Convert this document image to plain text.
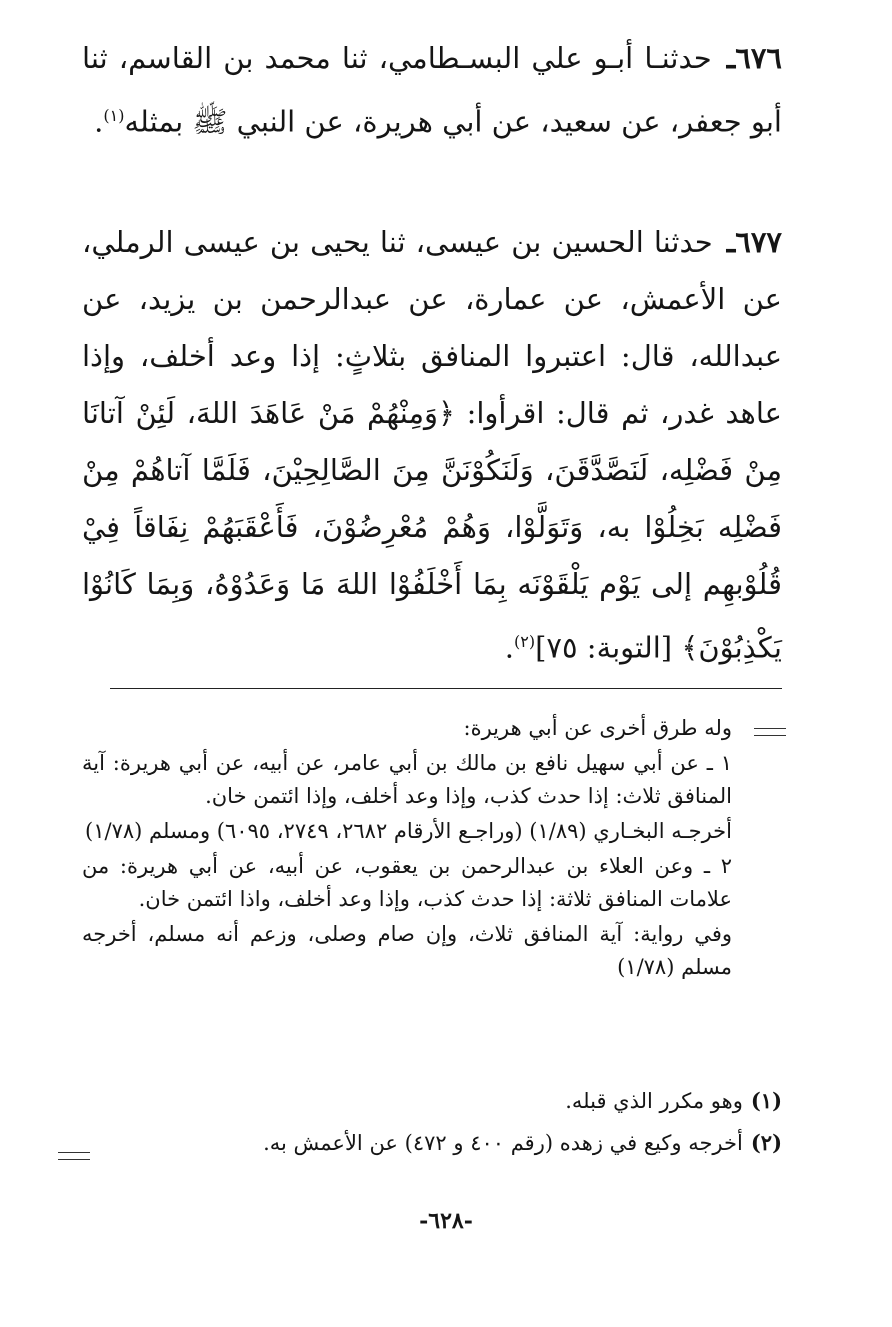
٦٧٦ـ حدثنـا أبـو علي البسـطامي، ثنا محمد بن القاسم، ثنا أبو جعفر، عن سعيد، عن أبي هريرة، عن النبي ﷺ بمثله$^{(١)}$.
٦٧٧ـ حدثنا الحسين بن عيسى، ثنا يحيى بن عيسى الرملي، عن الأعمش، عن عمارة، عن عبدالرحمن بن يزيد، عن عبدالله، قال: اعتبروا المنافق بثلاثٍ: إذا وعد أخلف، وإذا عاهد غدر، ثم قال: اقرأوا: ﴿وَمِنْهُمْ مَنْ عَاهَدَ اللهَ، لَئِنْ آتانَا مِنْ فَضْلِه، لَنَصَّدَّقَنَ، وَلَنَكُوْنَنَّ مِنَ الصَّالِحِيْنَ، فَلَمَّا آتاهُمْ مِنْ فَضْلِه بَخِلُوْا به، وَتَوَلَّوْا، وَهُمْ مُعْرِضُوْنَ، فَأَعْقَبَهُمْ نِفَاقاً فِيْ قُلُوْبهِم إلى يَوْم يَلْقَوْنَه بِمَا أَخْلَفُوْا اللهَ مَا وَعَدُوْهُ، وَبِمَا كَانُوْا يَكْذِبُوْنَ﴾ [التوبة: ٧٥]$^{(٢)}$.

وله طرق أخرى عن أبي هريرة:

١ ـ عن أبي سهيل نافع بن مالك بن أبي عامر، عن أبيه، عن أبي هريرة: آية المنافق ثلاث: إذا حدث كذب، وإذا وعد أخلف، وإذا ائتمن خان.

أخرجـه البخـاري (١/٨٩) (وراجـع الأرقام ٢٦٨٢، ٢٧٤٩، ٦٠٩٥) ومسلم (١/٧٨)

٢ ـ وعن العلاء بن عبدالرحمن بن يعقوب، عن أبيه، عن أبي هريرة: من علامات المنافق ثلاثة: إذا حدث كذب، وإذا وعد أخلف، واذا ائتمن خان.

وفي رواية: آية المنافق ثلاث، وإن صام وصلى، وزعم أنه مسلم، أخرجه مسلم (١/٧٨)

(١)وهو مكرر الذي قبله.
(٢)أخرجه وكيع في زهده (رقم ٤٠٠ و ٤٧٢) عن الأعمش به.
-٦٢٨-
